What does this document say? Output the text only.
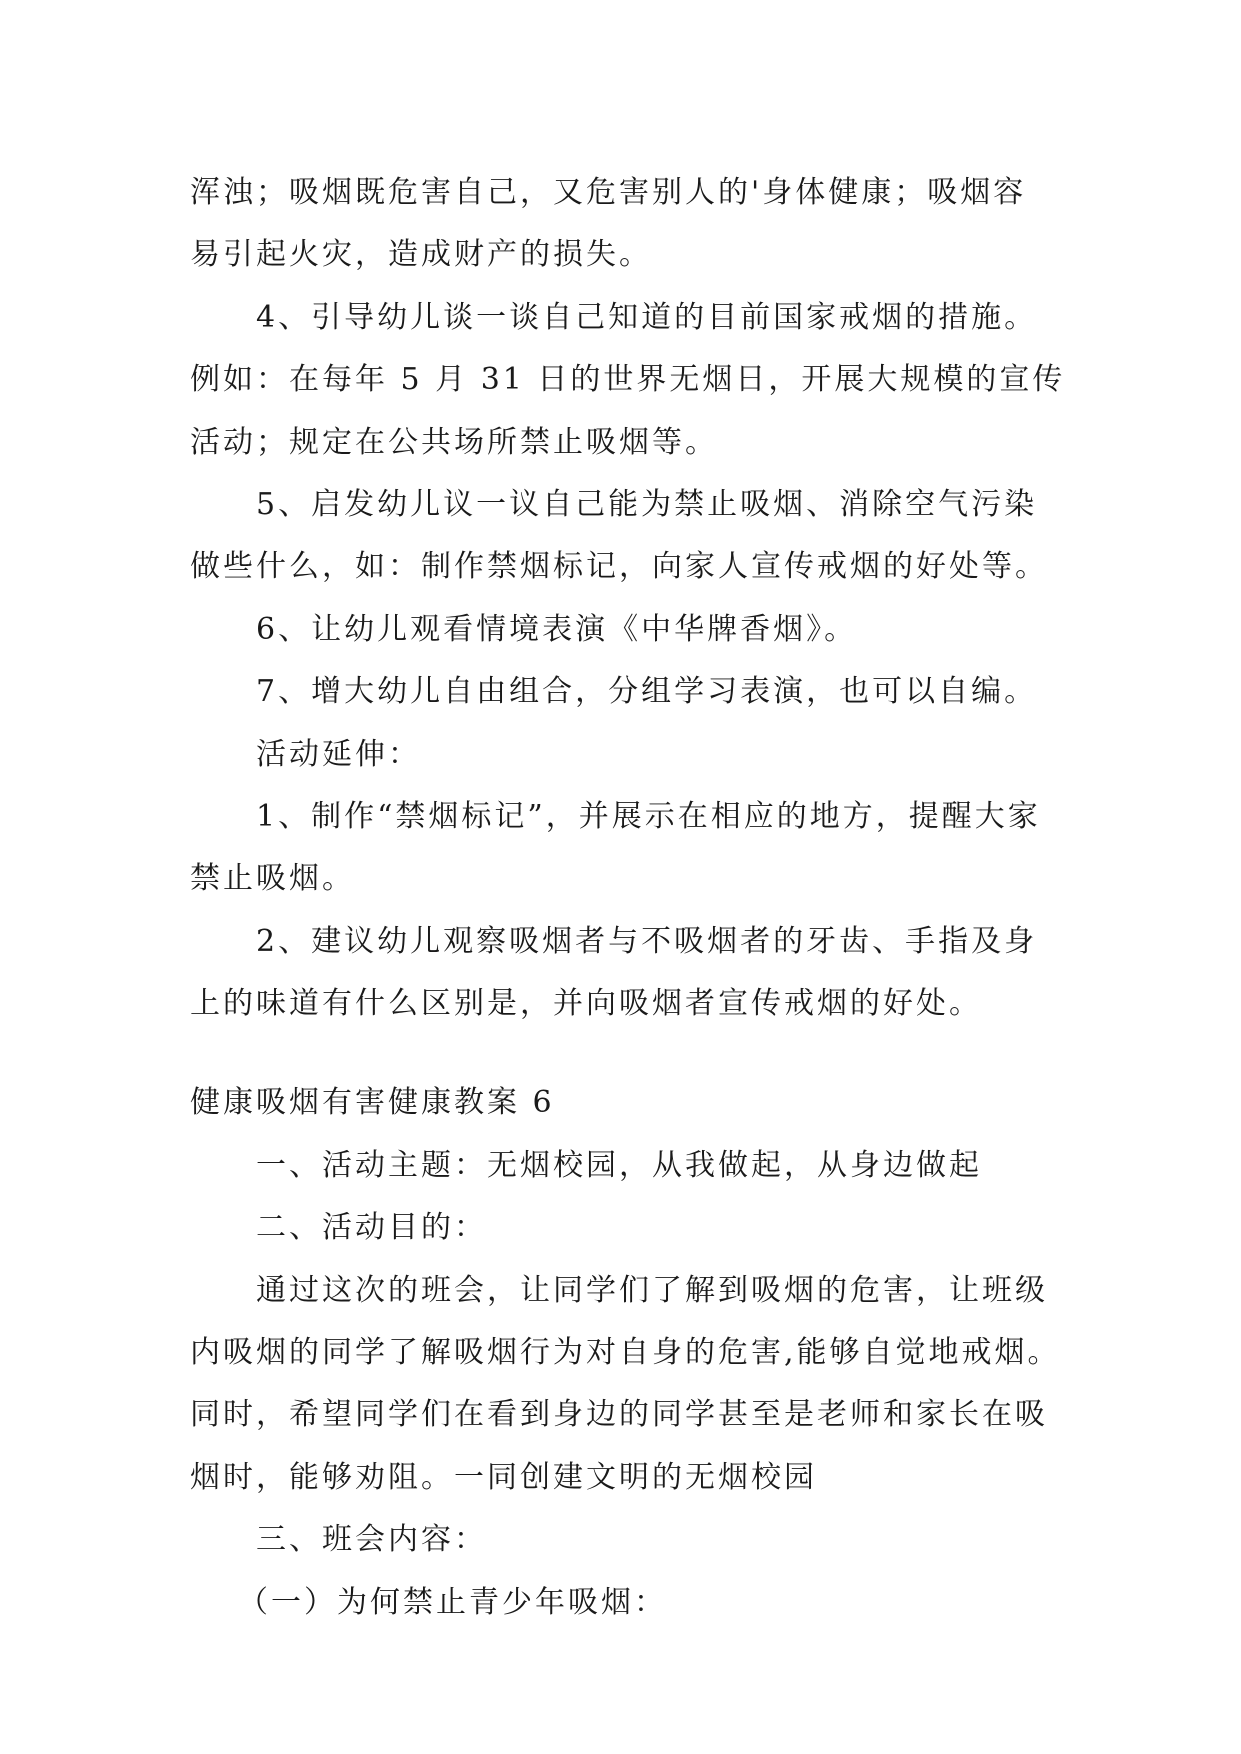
浑浊；吸烟既危害自己，又危害别人的'身体健康；吸烟容
易引起火灾，造成财产的损失。
4、引导幼儿谈一谈自己知道的目前国家戒烟的措施。
例如：在每年 5 月 31 日的世界无烟日，开展大规模的宣传
活动；规定在公共场所禁止吸烟等。
5、启发幼儿议一议自己能为禁止吸烟、消除空气污染
做些什么，如：制作禁烟标记，向家人宣传戒烟的好处等。
6、让幼儿观看情境表演《中华牌香烟》。
7、增大幼儿自由组合，分组学习表演，也可以自编。
活动延伸：
1、制作“禁烟标记”，并展示在相应的地方，提醒大家
禁止吸烟。
2、建议幼儿观察吸烟者与不吸烟者的牙齿、手指及身
上的味道有什么区别是，并向吸烟者宣传戒烟的好处。
健康吸烟有害健康教案 6
一、活动主题：无烟校园，从我做起，从身边做起
二、活动目的：
通过这次的班会，让同学们了解到吸烟的危害，让班级
内吸烟的同学了解吸烟行为对自身的危害,能够自觉地戒烟。
同时，希望同学们在看到身边的同学甚至是老师和家长在吸
烟时，能够劝阻。一同创建文明的无烟校园
三、班会内容：
（一）为何禁止青少年吸烟：
